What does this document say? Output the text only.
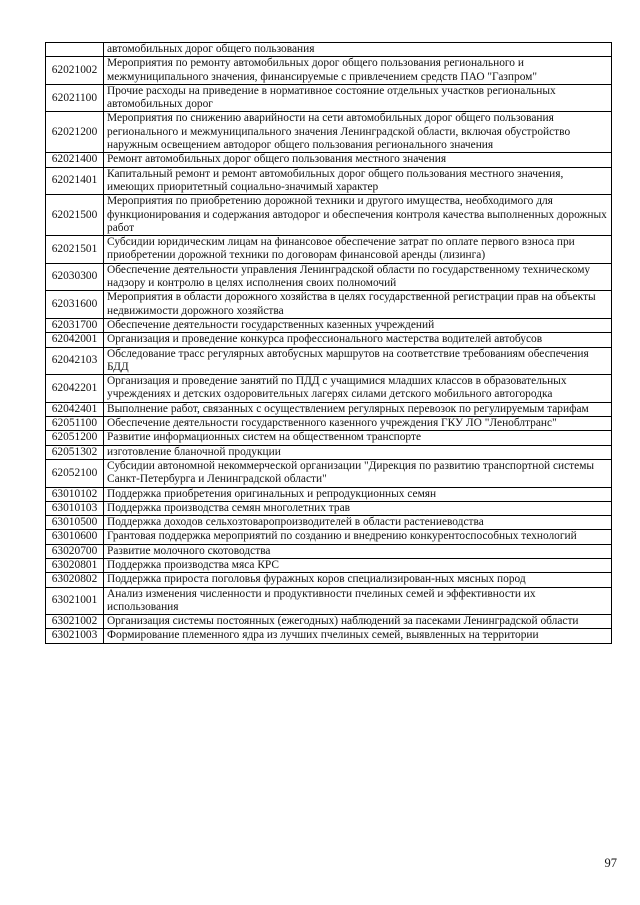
	автомобильных дорог общего пользования
62021002	Мероприятия по ремонту автомобильных дорог общего пользования регионального и межмуниципального значения, финансируемые с привлечением средств ПАО "Газпром"
62021100	Прочие расходы на приведение в нормативное состояние отдельных участков региональных автомобильных дорог
62021200	Мероприятия по снижению аварийности на сети автомобильных дорог общего пользования регионального и межмуниципального значения Ленинградской области, включая обустройство наружным освещением автодорог общего пользования регионального значения
62021400	Ремонт автомобильных дорог общего пользования местного значения
62021401	Капитальный ремонт и ремонт автомобильных дорог общего пользования местного значения, имеющих приоритетный социально-значимый характер
62021500	Мероприятия по приобретению дорожной техники и другого имущества, необходимого для функционирования и содержания автодорог и обеспечения контроля качества выполненных дорожных работ
62021501	Субсидии юридическим лицам на финансовое обеспечение затрат по оплате первого взноса при приобретении дорожной техники по договорам финансовой аренды (лизинга)
62030300	Обеспечение деятельности управления Ленинградской области по государственному техническому надзору и контролю в целях исполнения своих полномочий
62031600	Мероприятия в области дорожного хозяйства в целях государственной регистрации прав на объекты недвижимости дорожного хозяйства
62031700	Обеспечение деятельности государственных казенных учреждений
62042001	Организация и проведение конкурса профессионального мастерства водителей автобусов
62042103	Обследование трасс регулярных автобусных маршрутов на соответствие требованиям обеспечения БДД
62042201	Организация и проведение занятий по ПДД с учащимися младших классов в образовательных учреждениях и детских оздоровительных лагерях силами детского мобильного автогородка
62042401	Выполнение работ, связанных с осуществлением регулярных перевозок по регулируемым тарифам
62051100	Обеспечение деятельности государственного казенного учреждения ГКУ ЛО "Леноблтранс"
62051200	Развитие информационных систем на общественном транспорте
62051302	изготовление бланочной продукции
62052100	Субсидии автономной некоммерческой организации "Дирекция по развитию транспортной системы Санкт-Петербурга и Ленинградской области"
63010102	Поддержка приобретения оригинальных и репродукционных семян
63010103	Поддержка производства семян многолетних трав
63010500	Поддержка доходов сельхозтоваропроизводителей в области растениеводства
63010600	Грантовая поддержка мероприятий по созданию и внедрению конкурентоспособных технологий
63020700	Развитие молочного скотоводства
63020801	Поддержка производства мяса КРС
63020802	Поддержка прироста поголовья фуражных коров специализирован-ных мясных пород
63021001	Анализ изменения численности и продуктивности пчелиных семей и эффективности их использования
63021002	Организация системы постоянных (ежегодных) наблюдений за пасеками Ленинградской области
63021003	Формирование племенного ядра из лучших пчелиных семей, выявленных на территории
97
